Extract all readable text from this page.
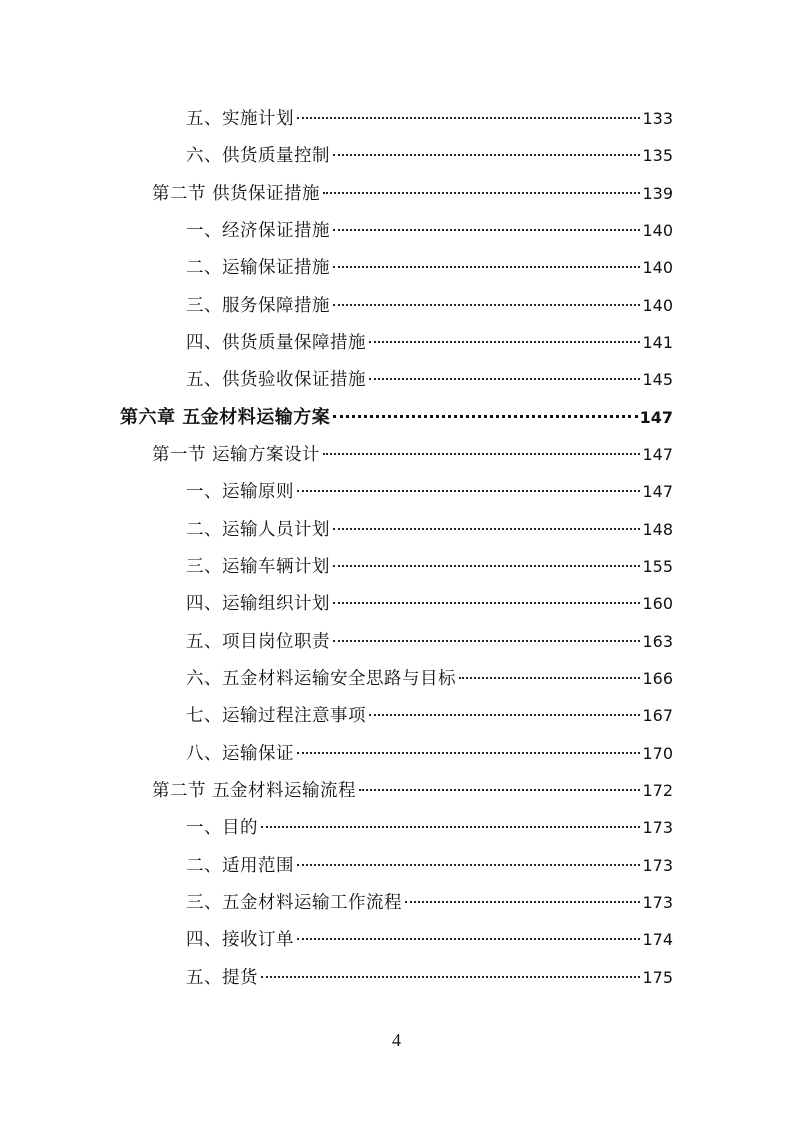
五、实施计划	133
六、供货质量控制	135
第二节 供货保证措施	139
一、经济保证措施	140
二、运输保证措施	140
三、服务保障措施	140
四、供货质量保障措施	141
五、供货验收保证措施	145
第六章 五金材料运输方案	147
第一节 运输方案设计	147
一、运输原则	147
二、运输人员计划	148
三、运输车辆计划	155
四、运输组织计划	160
五、项目岗位职责	163
六、五金材料运输安全思路与目标	166
七、运输过程注意事项	167
八、运输保证	170
第二节 五金材料运输流程	172
一、目的	173
二、适用范围	173
三、五金材料运输工作流程	173
四、接收订单	174
五、提货	175
4
